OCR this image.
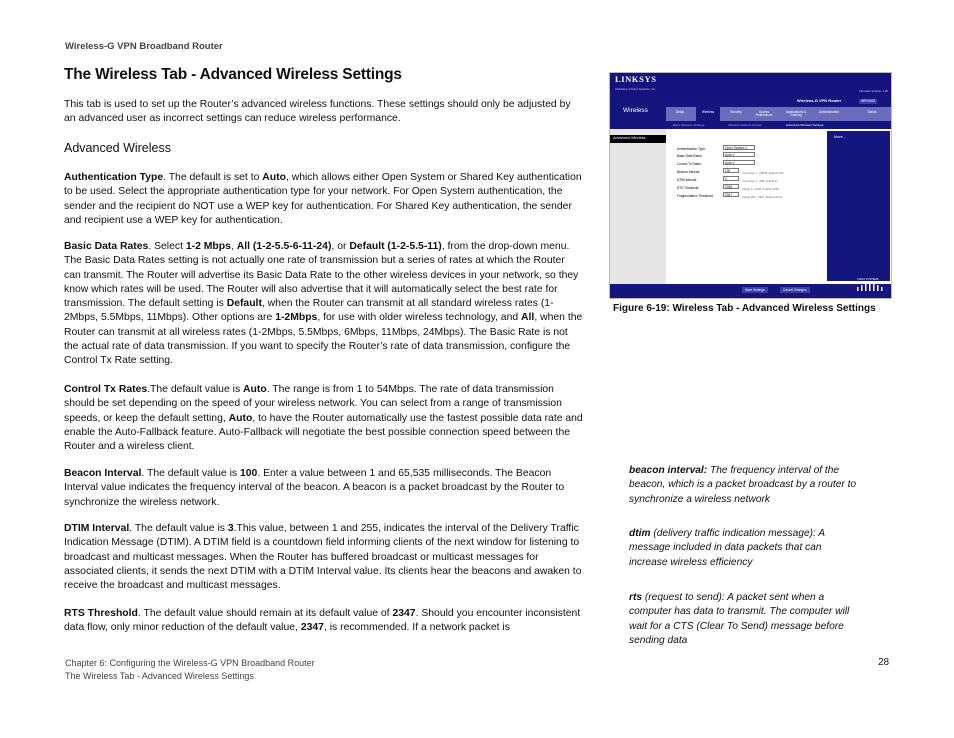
Wireless-G VPN Broadband Router
The Wireless Tab - Advanced Wireless Settings

This tab is used to set up the Router’s advanced wireless functions. These settings should only be adjusted by an advanced user as incorrect settings can reduce wireless performance.

Advanced Wireless

Authentication Type. The default is set to Auto, which allows either Open System or Shared Key authentication to be used. Select the appropriate authentication type for your network. For Open System authentication, the sender and the recipient do NOT use a WEP key for authentication. For Shared Key authentication, the sender and recipient use a WEP key for authentication.

Basic Data Rates. Select 1-2 Mbps, All (1-2-5.5-6-11-24), or Default (1-2-5.5-11), from the drop-down menu. The Basic Data Rates setting is not actually one rate of transmission but a series of rates at which the Router can transmit. The Router will advertise its Basic Data Rate to the other wireless devices in your network, so they know which rates will be used. The Router will also advertise that it will automatically select the best rate for transmission. The default setting is Default, when the Router can transmit at all standard wireless rates (1-2Mbps, 5.5Mbps, 11Mbps). Other options are 1-2Mbps, for use with older wireless technology, and All, when the Router can transmit at all wireless rates (1-2Mbps, 5.5Mbps, 6Mbps, 11Mbps, 24Mbps). The Basic Rate is not the actual rate of data transmission. If you want to specify the Router’s rate of data transmission, configure the Control Tx Rate setting.

Control Tx Rates.The default value is Auto. The range is from 1 to 54Mbps. The rate of data transmission should be set depending on the speed of your wireless network. You can select from a range of transmission speeds, or keep the default setting, Auto, to have the Router automatically use the fastest possible data rate and enable the Auto-Fallback feature. Auto-Fallback will negotiate the best possible connection speed between the Router and a wireless client.

Beacon Interval. The default value is 100. Enter a value between 1 and 65,535 milliseconds. The Beacon Interval value indicates the frequency interval of the beacon. A beacon is a packet broadcast by the Router to synchronize the wireless network.

DTIM Interval. The default value is 3.This value, between 1 and 255, indicates the interval of the Delivery Traffic Indication Message (DTIM). A DTIM field is a countdown field informing clients of the next window for listening to broadcast and multicast messages. When the Router has buffered broadcast or multicast messages for associated clients, it sends the next DTIM with a DTIM Interval value. Its clients hear the beacons and awaken to receive the broadcast and multicast messages.

RTS Threshold. The default value should remain at its default value of 2347. Should you encounter inconsistent data flow, only minor reduction of the default value, 2347, is recommended. If a network packet is

LINKSYS
A Division of Cisco Systems, Inc.	Firmware Version: 1.00
Wireless
Wireless-G VPN Router	WRV54G
Setup	Wireless	Security	Access Restrictions
Applications & Gaming
Administration	Status
Basic Wireless Settings	Wireless Network Access	Advanced Wireless Settings
Advanced Wireless
Authentication Type:	Open System ▾
Basic Data Rates:	Auto ▾
Control Tx Rates:	Auto ▾
Beacon Interval:	100	ms (range 1 - 65535, default 100)
DTIM Interval:	3	ms (range 1 - 255, default 3)
RTS Threshold:	2346	(range 0 - 2346, default 2346)
Fragmentation Threshold:	2347	(range 256 - 2347, default 2347)
More...
Save Settings	Cancel Changes
CISCO SYSTEMS
Figure 6-19: Wireless Tab - Advanced Wireless Settings
beacon interval: The frequency interval of the beacon, which is a packet broadcast by a router to synchronize a wireless network
dtim (delivery traffic indication message): A message included in data packets that can increase wireless efficiency
rts (request to send): A packet sent when a computer has data to transmit. The computer will wait for a CTS (Clear To Send) message before sending data
Chapter 6: Configuring the Wireless-G VPN Broadband Router
The Wireless Tab - Advanced Wireless Settings
28
